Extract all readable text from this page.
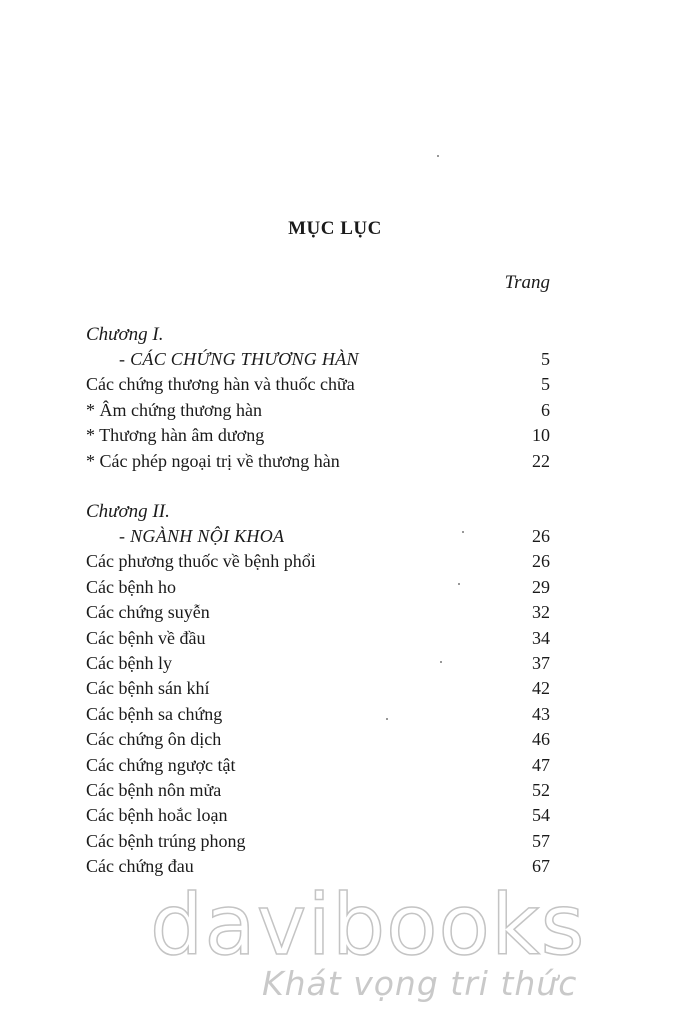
MỤC LỤC
Trang
Chương I.
- CÁC CHỨNG THƯƠNG HÀN	5
Các chứng thương hàn và thuốc chữa	5
* Âm chứng thương hàn	6
* Thương hàn âm dương	10
* Các phép ngoại trị về thương hàn	22
Chương II.
- NGÀNH NỘI KHOA	26
Các phương thuốc về bệnh phổi	26
Các bệnh ho	29
Các chứng suyễn	32
Các bệnh về đầu	34
Các bệnh ly	37
Các bệnh sán khí	42
Các bệnh sa chứng	43
Các chứng ôn dịch	46
Các chứng ngược tật	47
Các bệnh nôn mửa	52
Các bệnh hoắc loạn	54
Các bệnh trúng phong	57
Các chứng đau	67
davibooks
Khát vọng tri thức
